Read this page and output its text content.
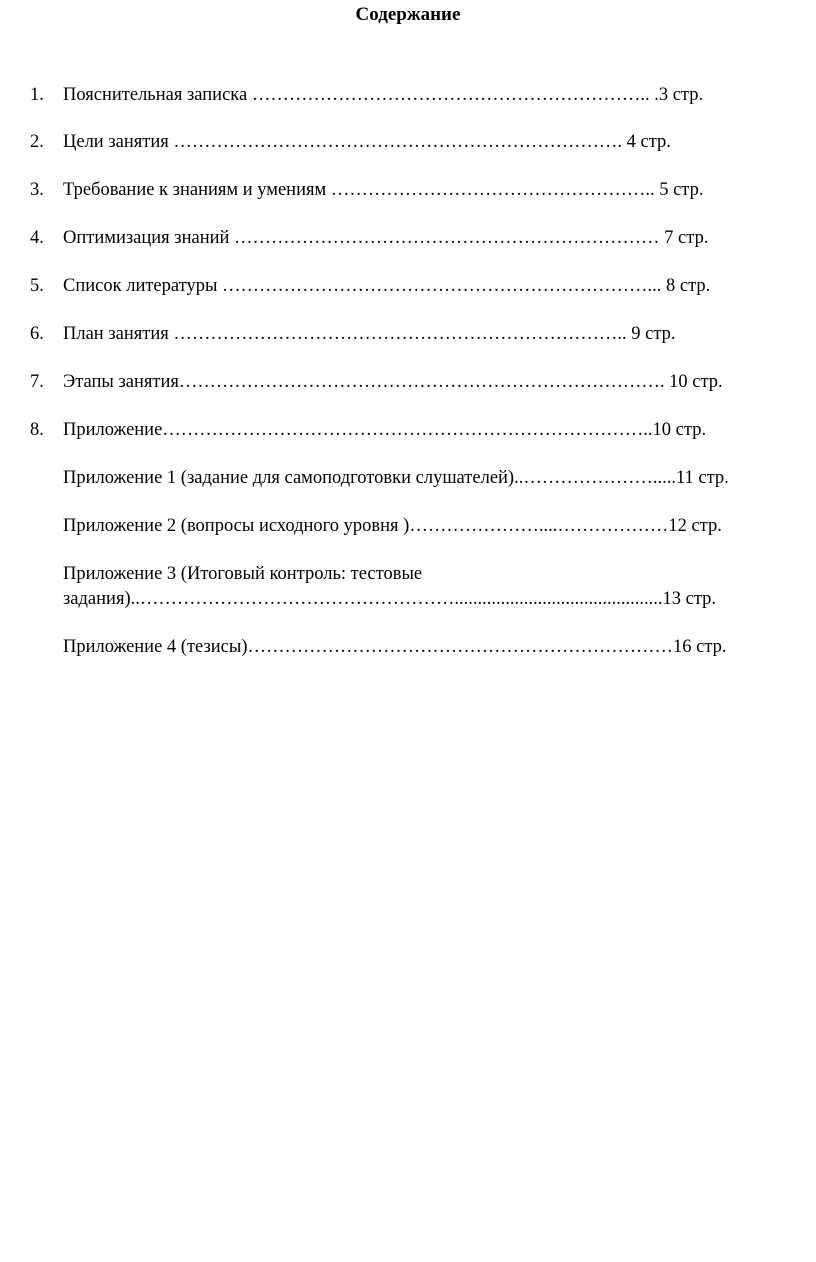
Содержание
1. Пояснительная записка ……………………………………………………….. .3 стр.
2. Цели занятия ………………………………………………………………. 4 стр.
3. Требование к знаниям и умениям …………………………………………….. 5 стр.
4. Оптимизация знаний …………………………………………………………… 7 стр.
5. Список литературы ……………………………………………………………... 8 стр.
6. План занятия ……………………………………………………………….. 9 стр.
7. Этапы занятия……………………………………………………………………. 10 стр.
8. Приложение……………………………………………………………………..10 стр.
Приложение 1 (задание для самоподготовки слушателей)..………………….....11 стр.
Приложение 2 (вопросы исходного уровня )…………………....………………12 стр.
Приложение 3 (Итоговый контроль: тестовые
задания)..…………………………………………….............................................13 стр.
Приложение 4 (тезисы)……………………………………………………………16 стр.
